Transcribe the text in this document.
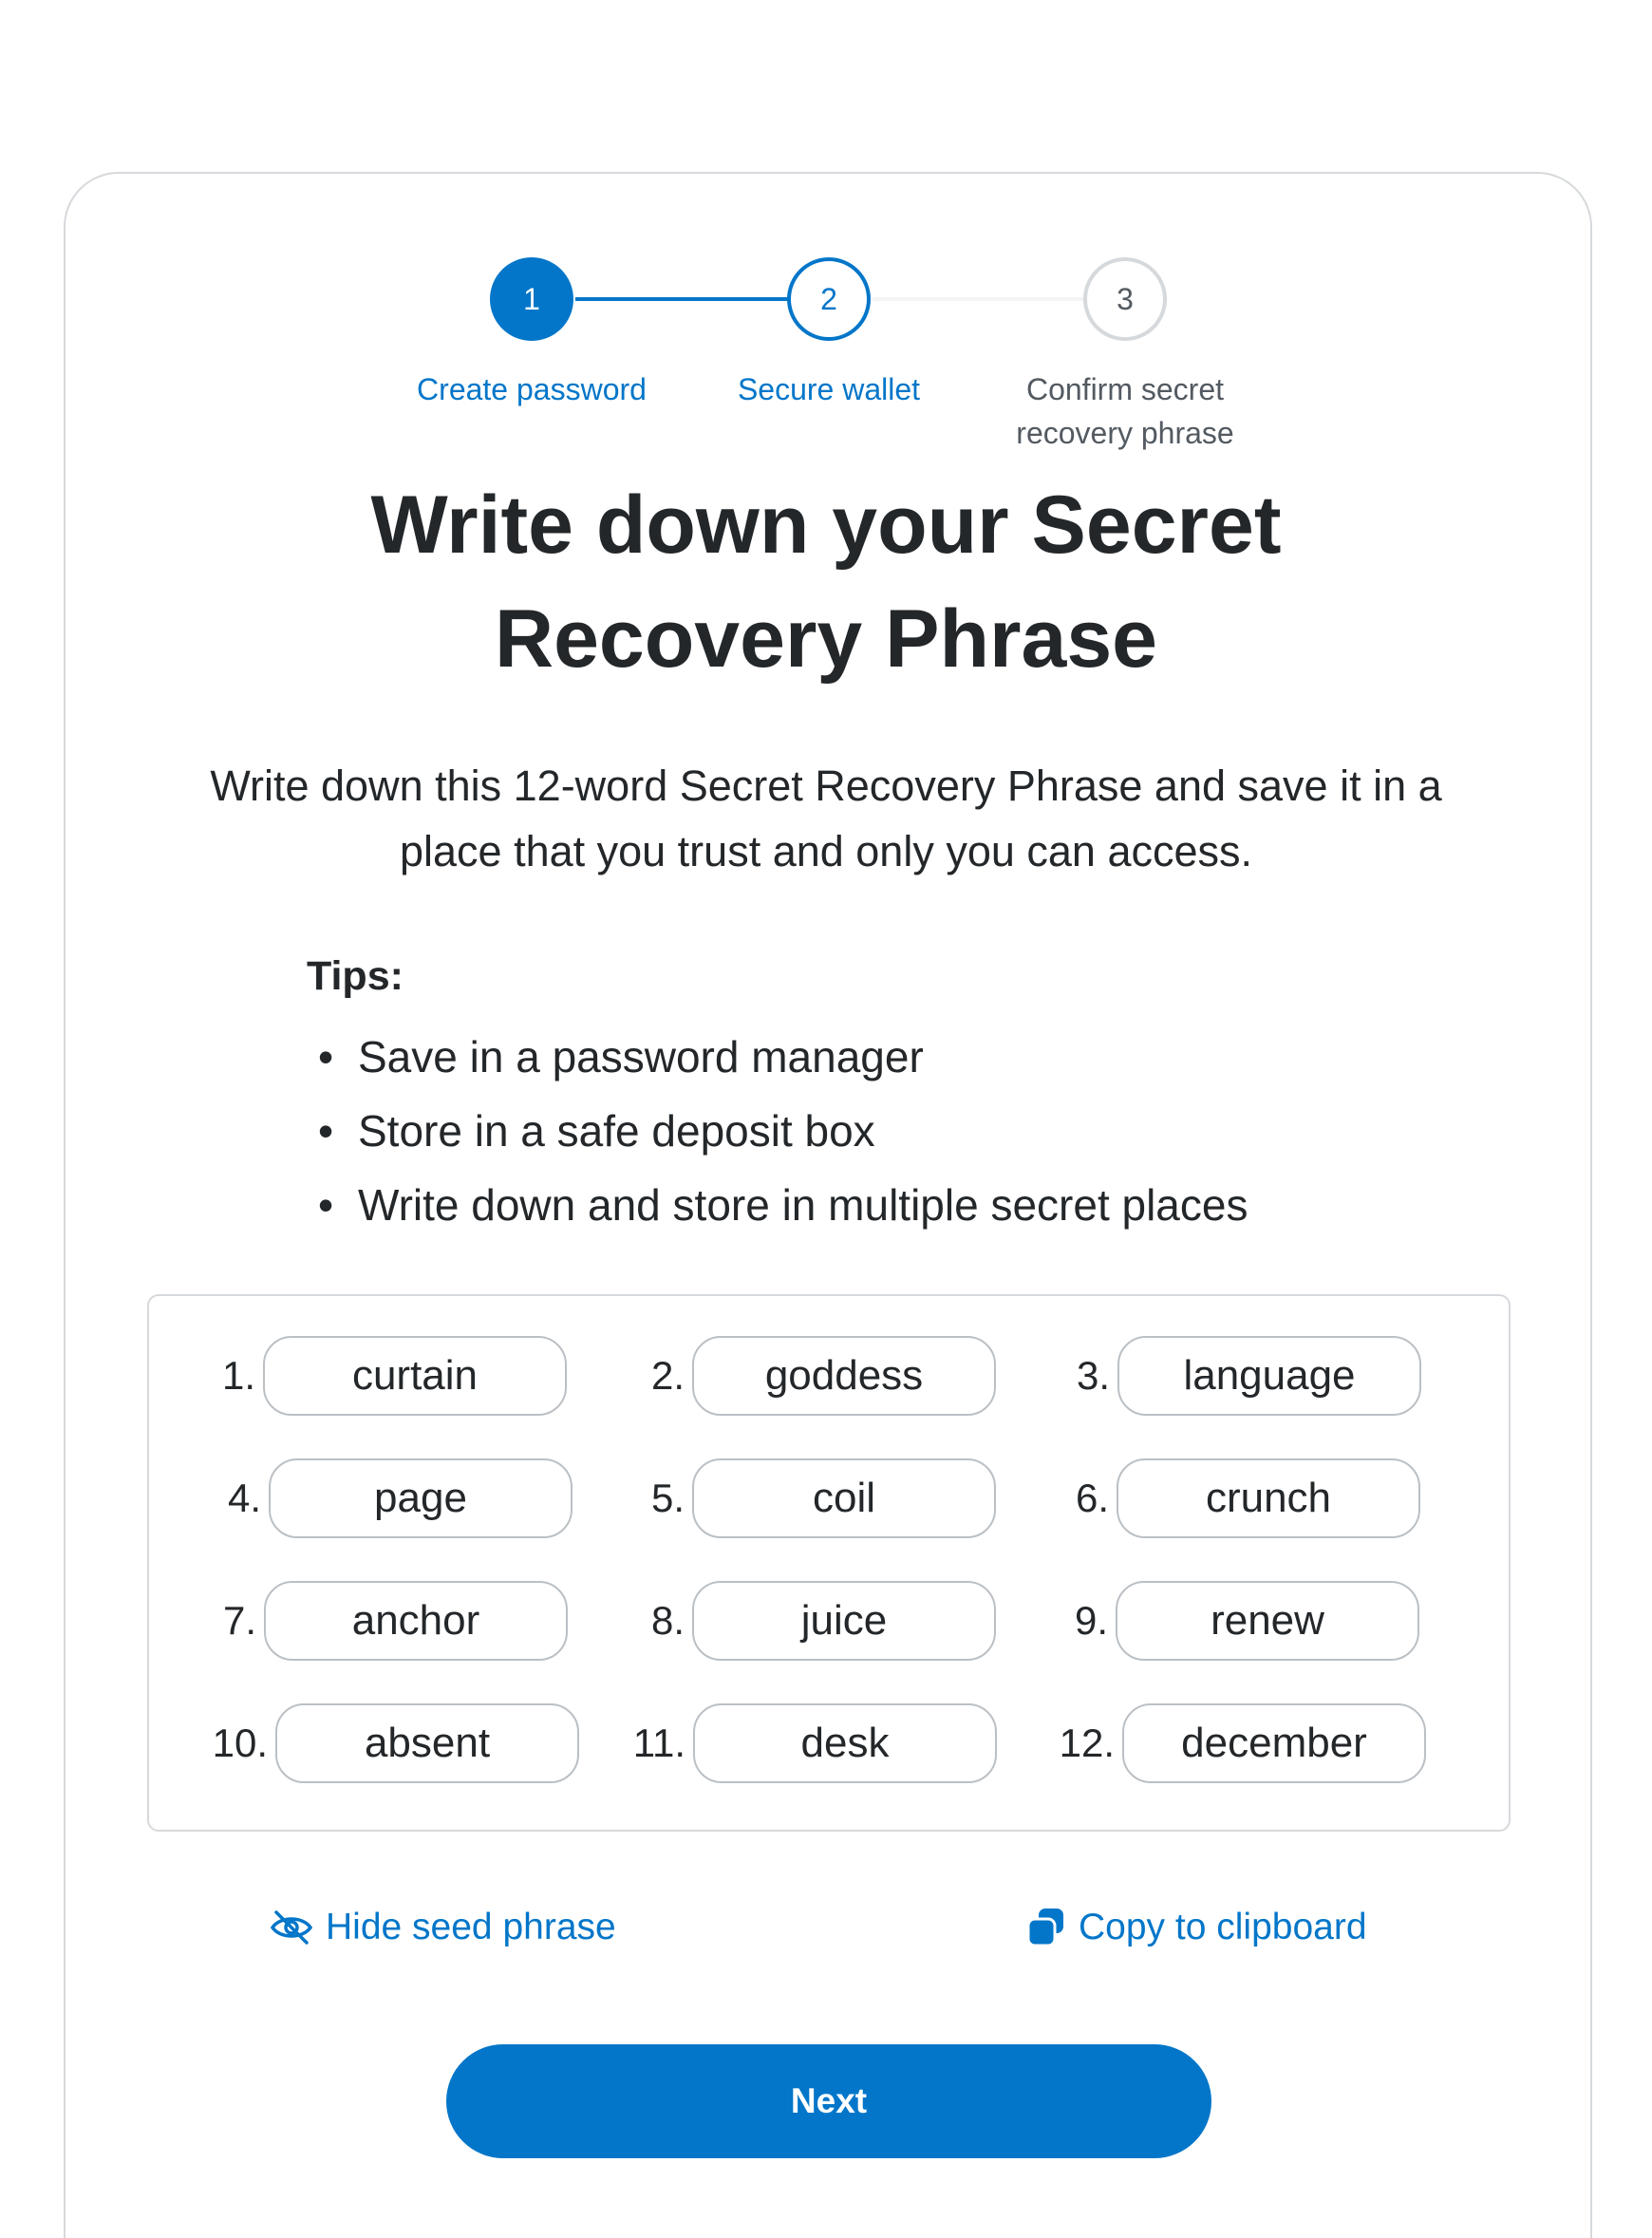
1	2	3
Create password	Secure wallet	Confirm secret
recovery phrase
Write down your Secret
Recovery Phrase

Write down this 12-word Secret Recovery Phrase and save it in a
place that you trust and only you can access.

Tips:
• Save in a password manager
• Store in a safe deposit box
• Write down and store in multiple secret places
1.	curtain	2.	goddess	3.	language
4.	page	5.	coil	6.	crunch
7.	anchor	8.	juice	9.	renew
10.	absent	11.	desk	12.	december
Hide seed phrase	Copy to clipboard
Next
